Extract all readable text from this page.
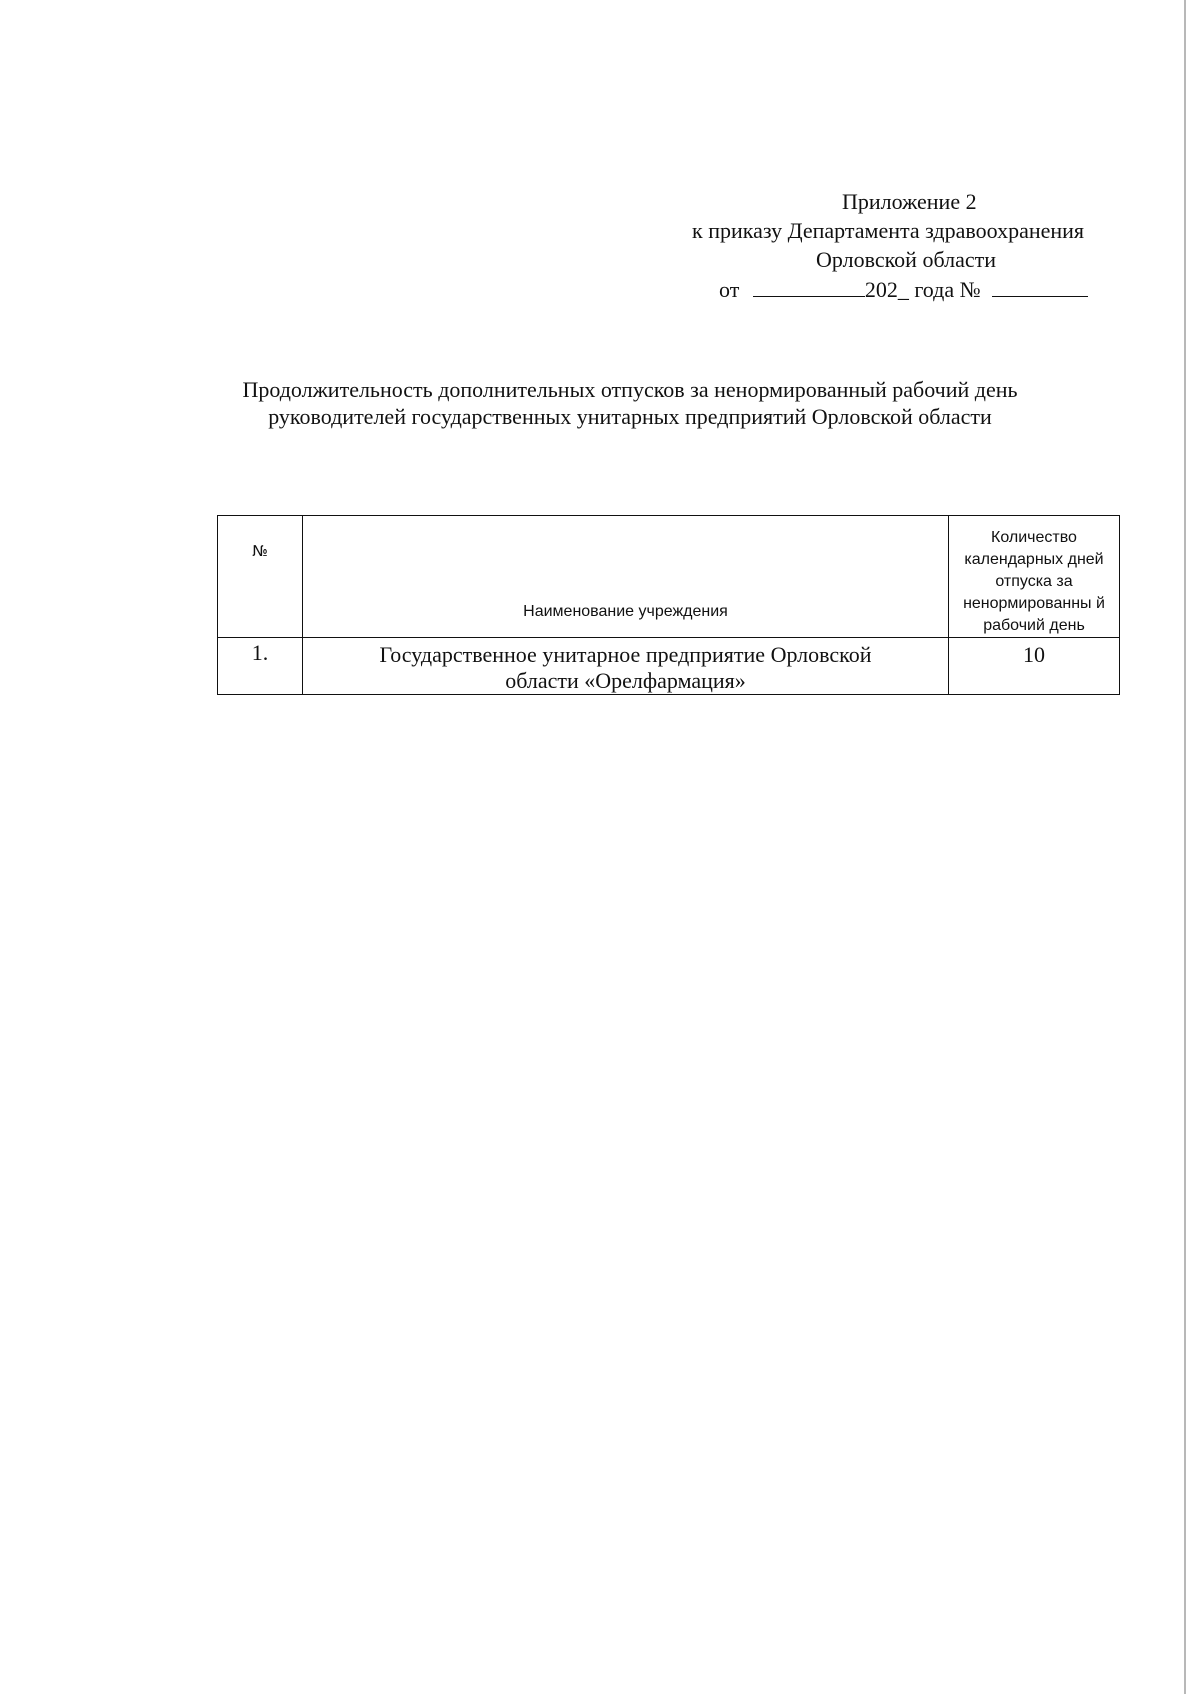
Приложение 2
к приказу Департамента здравоохранения
Орловской области
от	202_ года №
Продолжительность дополнительных отпусков за ненормированный рабочий день
руководителей государственных унитарных предприятий Орловской области
№	Наименование учреждения	Количество календарных дней отпуска за ненормированны й рабочий день
1.	Государственное унитарное предприятие Орловской области «Орелфармация»	10
